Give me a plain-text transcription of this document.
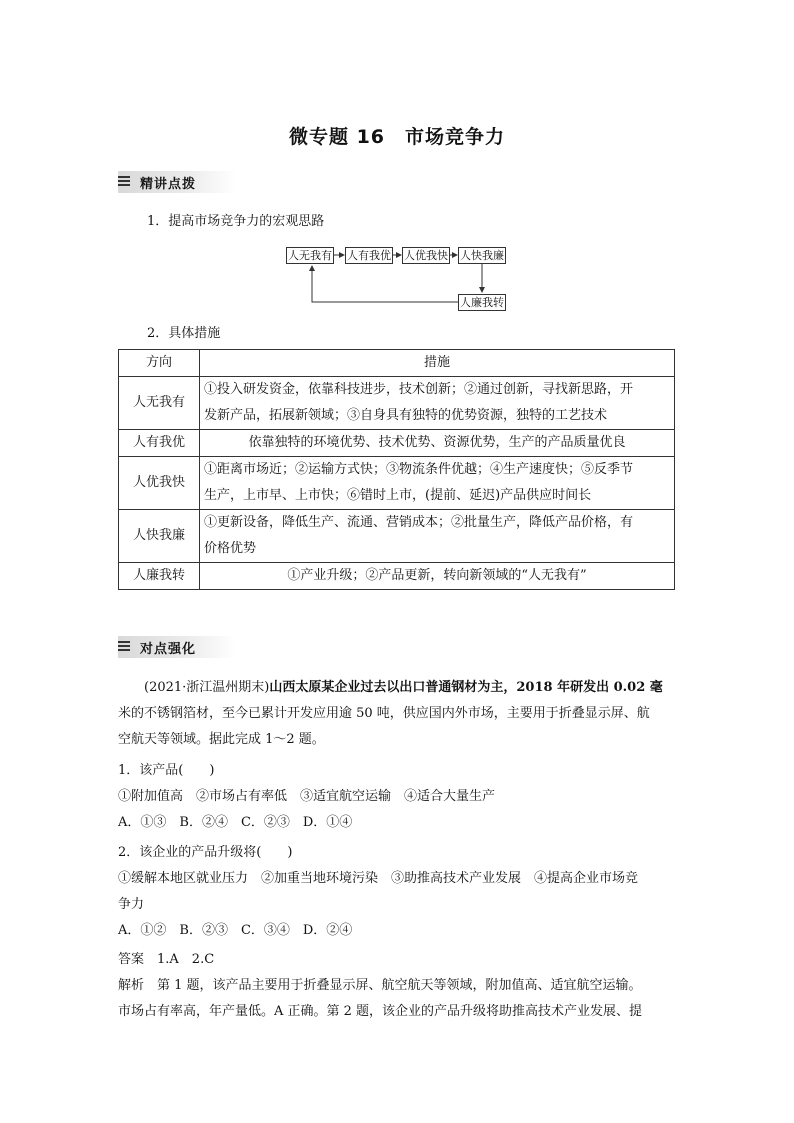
微专题 16　市场竞争力
精讲点拨
1．提高市场竞争力的宏观思路
人无我有 人有我优 人优我快 人快我廉
人廉我转
2．具体措施
方向	措施
人无我有	①投入研发资金，依靠科技进步，技术创新；②通过创新，寻找新思路，开
发新产品，拓展新领域；③自身具有独特的优势资源，独特的工艺技术

人有我优	依靠独特的环境优势、技术优势、资源优势，生产的产品质量优良

人优我快	①距离市场近；②运输方式快；③物流条件优越；④生产速度快；⑤反季节
生产，上市早、上市快；⑥错时上市，(提前、延迟)产品供应时间长

人快我廉	①更新设备，降低生产、流通、营销成本；②批量生产，降低产品价格，有
价格优势

人廉我转	①产业升级；②产品更新，转向新领域的“人无我有”
对点强化
(2021·浙江温州期末)山西太原某企业过去以出口普通钢材为主，2018 年研发出 0.02 毫
米的不锈钢箔材，至今已累计开发应用逾 50 吨，供应国内外市场，主要用于折叠显示屏、航
空航天等领域。据此完成 1～2 题。
1．该产品(　　)
①附加值高　②市场占有率低　③适宜航空运输　④适合大量生产
A．①③　B．②④　C．②③　D．①④
2．该企业的产品升级将(　　)
①缓解本地区就业压力　②加重当地环境污染　③助推高技术产业发展　④提高企业市场竞
争力
A．①②　B．②③　C．③④　D．②④
答案　1.A　2.C
解析　第 1 题，该产品主要用于折叠显示屏、航空航天等领域，附加值高、适宜航空运输。
市场占有率高，年产量低。A 正确。第 2 题，该企业的产品升级将助推高技术产业发展、提
